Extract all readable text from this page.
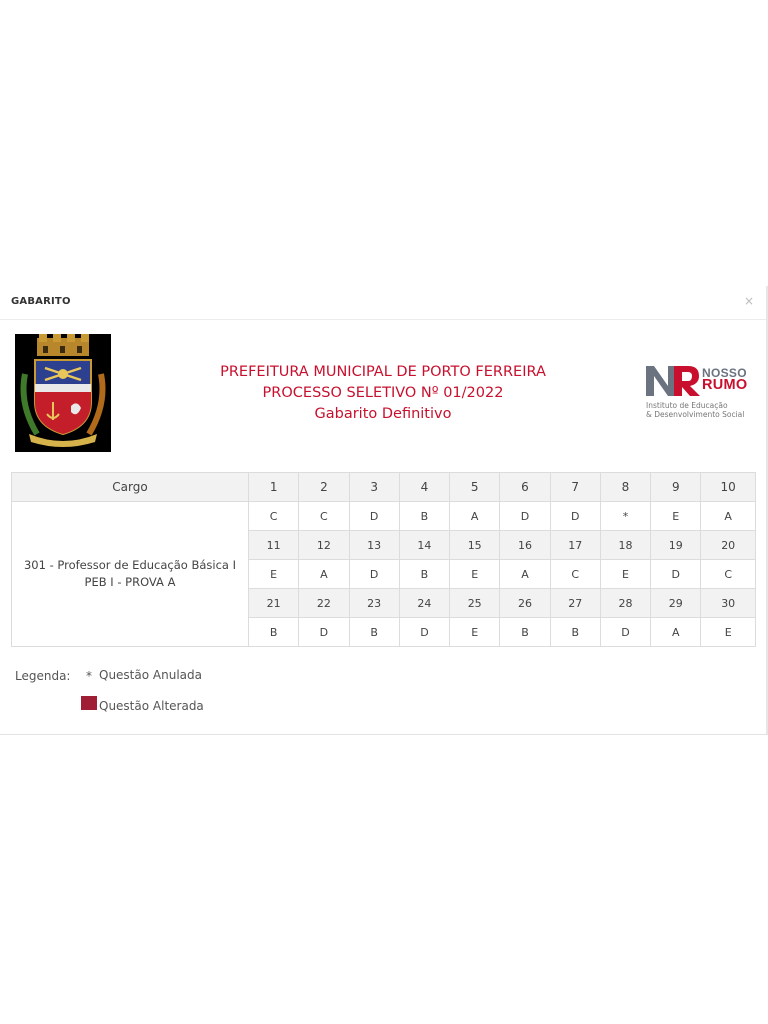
GABARITO	×
PREFEITURA MUNICIPAL DE PORTO FERREIRA
PROCESSO SELETIVO Nº 01/2022
Gabarito Definitivo
NOSSO
RUMO
Instituto de Educação
& Desenvolvimento Social
Cargo	1	2	3	4	5	6	7	8	9	10
301 - Professor de Educação Básica I PEB I - PROVA A	C	C	D	B	A	D	D	*	E	A
	11	12	13	14	15	16	17	18	19	20
	E	A	D	B	E	A	C	E	D	C
	21	22	23	24	25	26	27	28	29	30
	B	D	B	D	E	B	B	D	A	E
Legenda: * Questão Anulada
Questão Alterada
